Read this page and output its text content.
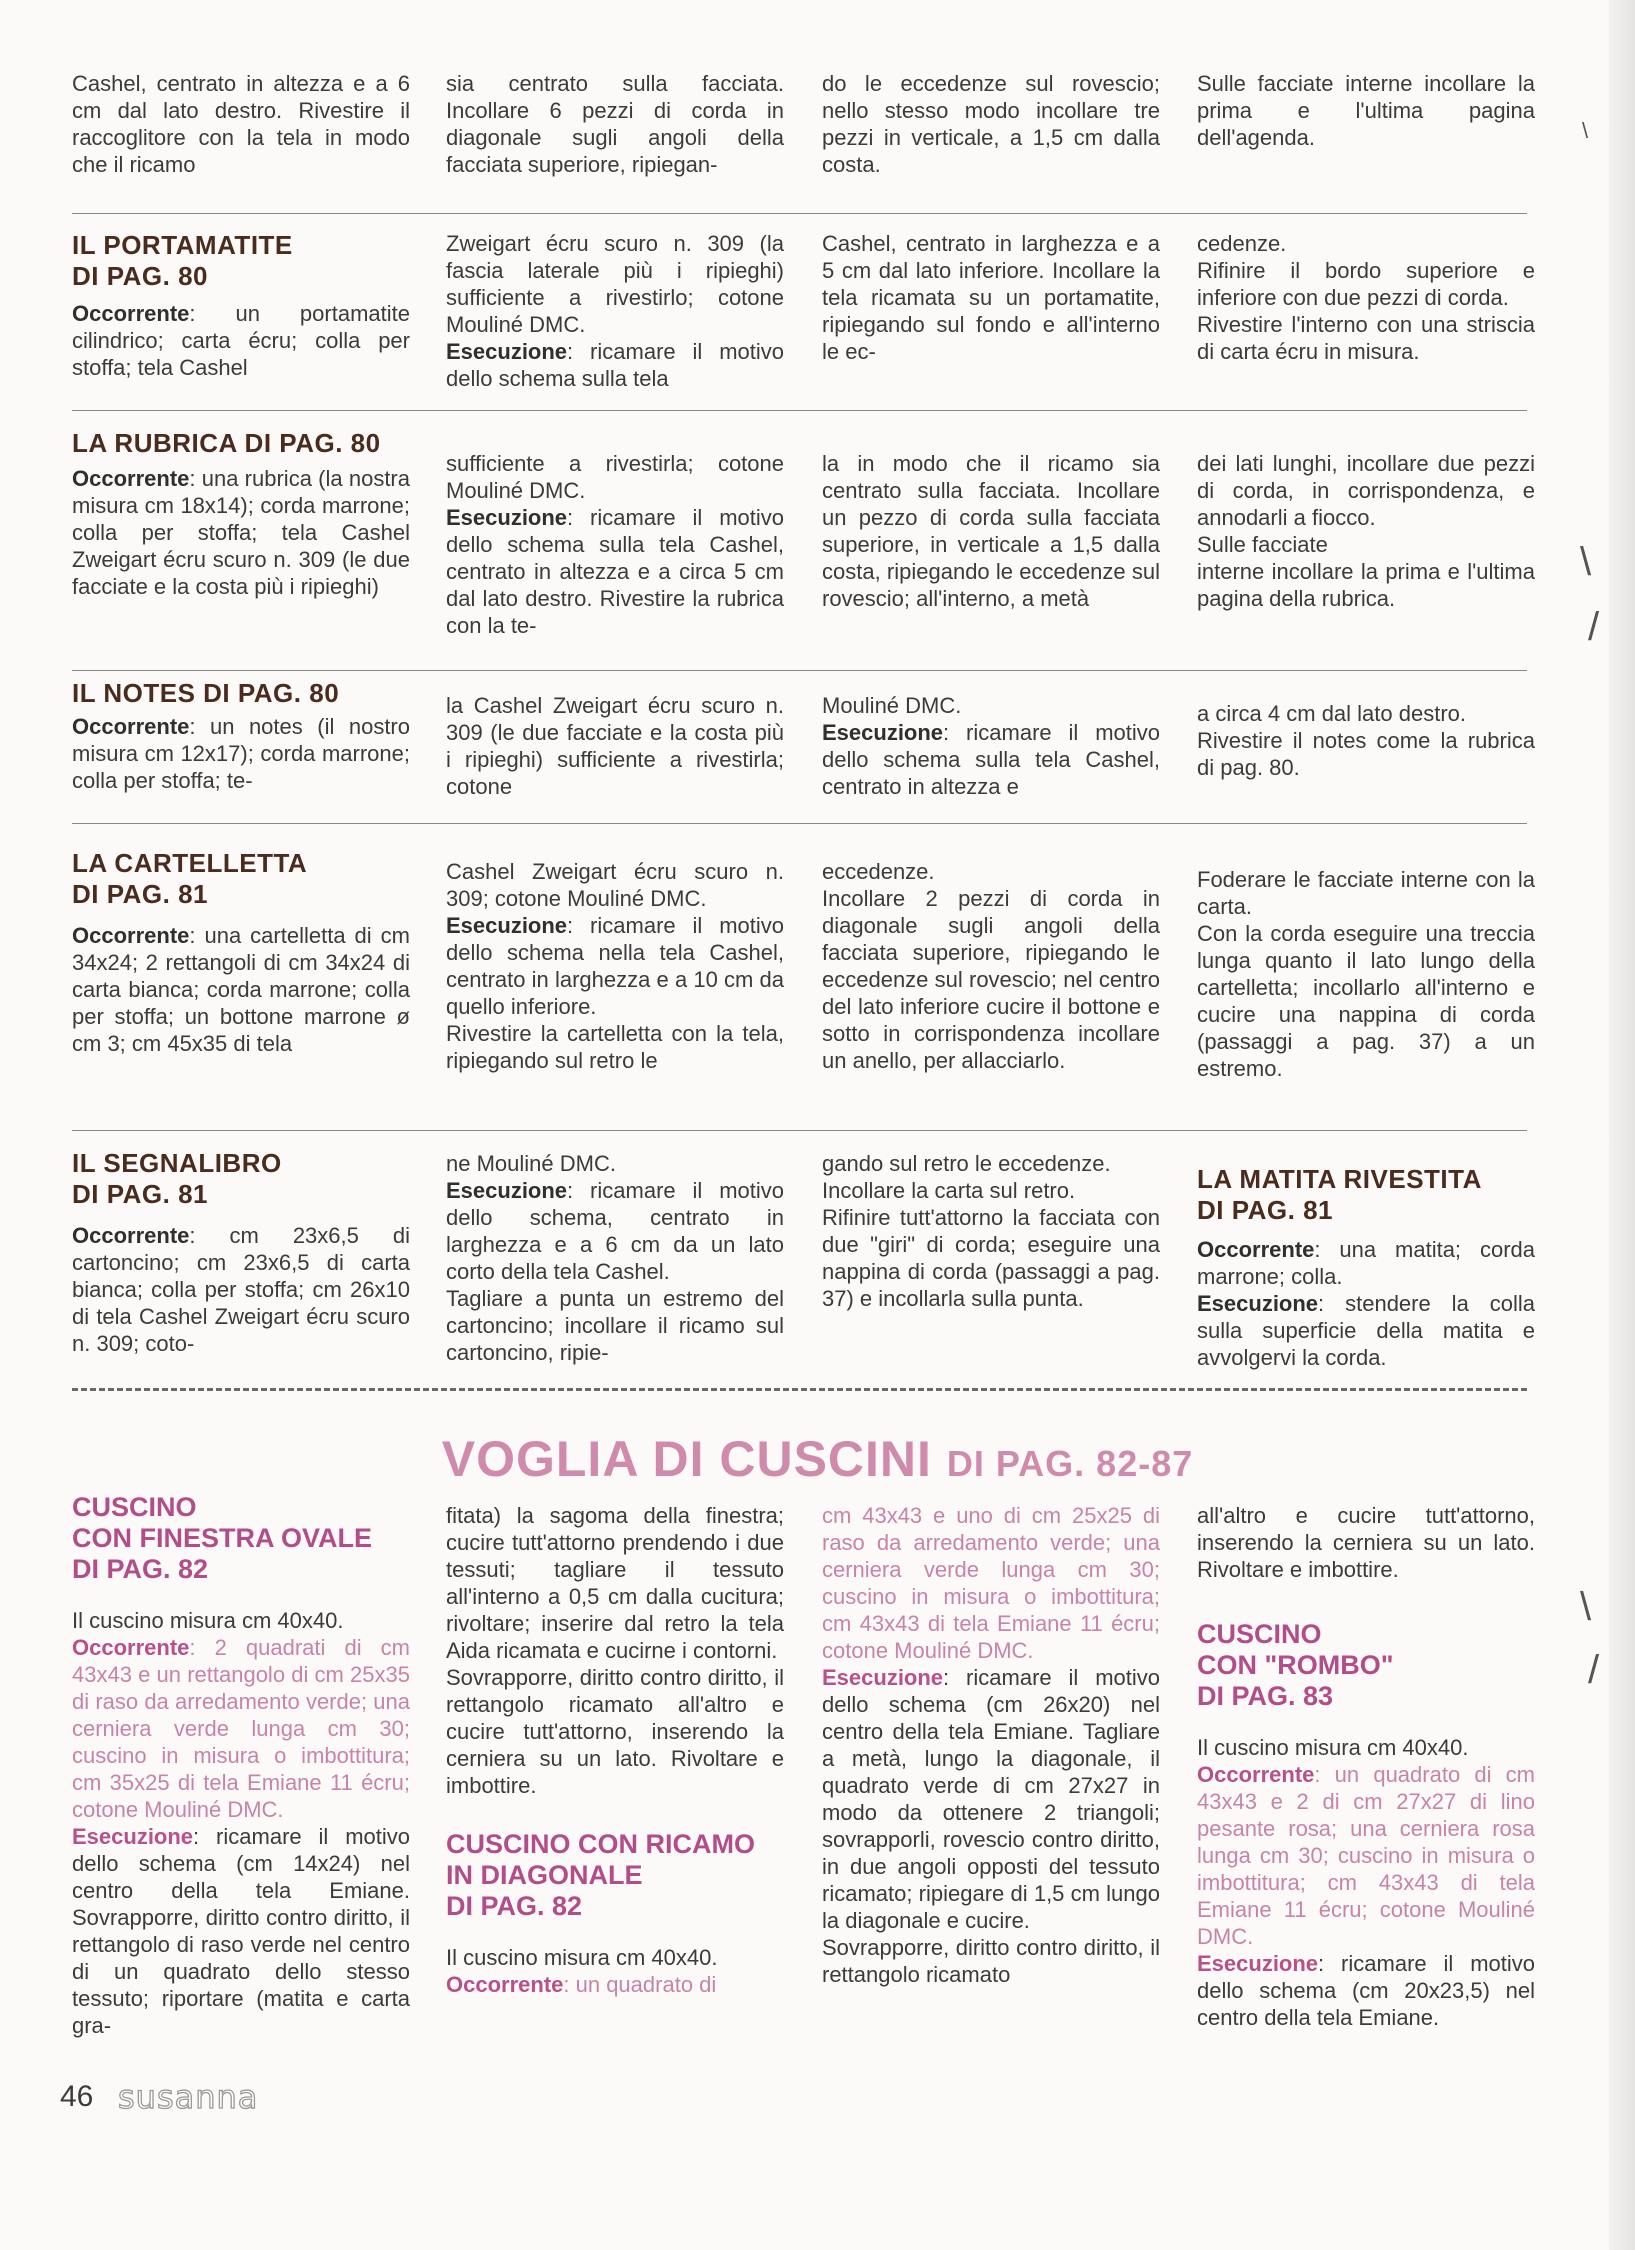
Cashel, centrato in altezza e a 6 cm dal lato destro. Rivestire il raccoglitore con la tela in modo che il ricamo

sia centrato sulla facciata. Incollare 6 pezzi di corda in diagonale sugli angoli della facciata superiore, ripiegan-

do le eccedenze sul rovescio; nello stesso modo incollare tre pezzi in verticale, a 1,5 cm dalla costa.

Sulle facciate interne incollare la prima e l'ultima pagina dell'agenda.

IL PORTAMATITE
DI PAG. 80

Occorrente: un portamatite cilindrico; carta écru; colla per stoffa; tela Cashel

Zweigart écru scuro n. 309 (la fascia laterale più i ripieghi) sufficiente a rivestirlo; cotone Mouliné DMC.

Esecuzione: ricamare il motivo dello schema sulla tela

Cashel, centrato in larghezza e a 5 cm dal lato inferiore. Incollare la tela ricamata su un portamatite, ripiegando sul fondo e all'interno le ec-

cedenze.

Rifinire il bordo superiore e inferiore con due pezzi di corda.

Rivestire l'interno con una striscia di carta écru in misura.

LA RUBRICA DI PAG. 80

Occorrente: una rubrica (la nostra misura cm 18x14); corda marrone; colla per stoffa; tela Cashel Zweigart écru scuro n. 309 (le due facciate e la costa più i ripieghi)

sufficiente a rivestirla; cotone Mouliné DMC.

Esecuzione: ricamare il motivo dello schema sulla tela Cashel, centrato in altezza e a circa 5 cm dal lato destro. Rivestire la rubrica con la te-

la in modo che il ricamo sia centrato sulla facciata. Incollare un pezzo di corda sulla facciata superiore, in verticale a 1,5 dalla costa, ripiegando le eccedenze sul rovescio; all'interno, a metà

dei lati lunghi, incollare due pezzi di corda, in corrispondenza, e annodarli a fiocco.

Sulle facciate

interne incollare la prima e l'ultima pagina della rubrica.

IL NOTES DI PAG. 80

Occorrente: un notes (il nostro misura cm 12x17); corda marrone; colla per stoffa; te-

la Cashel Zweigart écru scuro n. 309 (le due facciate e la costa più i ripieghi) sufficiente a rivestirla; cotone

Mouliné DMC.

Esecuzione: ricamare il motivo dello schema sulla tela Cashel, centrato in altezza e

a circa 4 cm dal lato destro.

Rivestire il notes come la rubrica di pag. 80.

LA CARTELLETTA
DI PAG. 81

Occorrente: una cartelletta di cm 34x24; 2 rettangoli di cm 34x24 di carta bianca; corda marrone; colla per stoffa; un bottone marrone ø cm 3; cm 45x35 di tela

Cashel Zweigart écru scuro n. 309; cotone Mouliné DMC.

Esecuzione: ricamare il motivo dello schema nella tela Cashel, centrato in larghezza e a 10 cm da quello inferiore.

Rivestire la cartelletta con la tela, ripiegando sul retro le

eccedenze.

Incollare 2 pezzi di corda in diagonale sugli angoli della facciata superiore, ripiegando le eccedenze sul rovescio; nel centro del lato inferiore cucire il bottone e sotto in corrispondenza incollare un anello, per allacciarlo.

Foderare le facciate interne con la carta.

Con la corda eseguire una treccia lunga quanto il lato lungo della cartelletta; incollarlo all'interno e cucire una nappina di corda (passaggi a pag. 37) a un estremo.

IL SEGNALIBRO
DI PAG. 81

Occorrente: cm 23x6,5 di cartoncino; cm 23x6,5 di carta bianca; colla per stoffa; cm 26x10 di tela Cashel Zweigart écru scuro n. 309; coto-

ne Mouliné DMC.

Esecuzione: ricamare il motivo dello schema, centrato in larghezza e a 6 cm da un lato corto della tela Cashel.

Tagliare a punta un estremo del cartoncino; incollare il ricamo sul cartoncino, ripie-

gando sul retro le eccedenze.

Incollare la carta sul retro.

Rifinire tutt'attorno la facciata con due "giri" di corda; eseguire una nappina di corda (passaggi a pag. 37) e incollarla sulla punta.

LA MATITA RIVESTITA
DI PAG. 81

Occorrente: una matita; corda marrone; colla.

Esecuzione: stendere la colla sulla superficie della matita e avvolgervi la corda.

VOGLIA DI CUSCINI DI PAG. 82-87
CUSCINO
CON FINESTRA OVALE
DI PAG. 82

Il cuscino misura cm 40x40.

Occorrente: 2 quadrati di cm 43x43 e un rettangolo di cm 25x35 di raso da arredamento verde; una cerniera verde lunga cm 30; cuscino in misura o imbottitura; cm 35x25 di tela Emiane 11 écru; cotone Mouliné DMC.

Esecuzione: ricamare il motivo dello schema (cm 14x24) nel centro della tela Emiane. Sovrapporre, diritto contro diritto, il rettangolo di raso verde nel centro di un quadrato dello stesso tessuto; riportare (matita e carta gra-

fitata) la sagoma della finestra; cucire tutt'attorno prendendo i due tessuti; tagliare il tessuto all'interno a 0,5 cm dalla cucitura; rivoltare; inserire dal retro la tela Aida ricamata e cucirne i contorni.

Sovrapporre, diritto contro diritto, il rettangolo ricamato all'altro e cucire tutt'attorno, inserendo la cerniera su un lato. Rivoltare e imbottire.

CUSCINO CON RICAMO
IN DIAGONALE
DI PAG. 82

Il cuscino misura cm 40x40.

Occorrente: un quadrato di

cm 43x43 e uno di cm 25x25 di raso da arredamento verde; una cerniera verde lunga cm 30; cuscino in misura o imbottitura; cm 43x43 di tela Emiane 11 écru; cotone Mouliné DMC.

Esecuzione: ricamare il motivo dello schema (cm 26x20) nel centro della tela Emiane. Tagliare a metà, lungo la diagonale, il quadrato verde di cm 27x27 in modo da ottenere 2 triangoli; sovrapporli, rovescio contro diritto, in due angoli opposti del tessuto ricamato; ripiegare di 1,5 cm lungo la diagonale e cucire.

Sovrapporre, diritto contro diritto, il rettangolo ricamato

all'altro e cucire tutt'attorno, inserendo la cerniera su un lato. Rivoltare e imbottire.

CUSCINO
CON "ROMBO"
DI PAG. 83

Il cuscino misura cm 40x40.

Occorrente: un quadrato di cm 43x43 e 2 di cm 27x27 di lino pesante rosa; una cerniera rosa lunga cm 30; cuscino in misura o imbottitura; cm 43x43 di tela Emiane 11 écru; cotone Mouliné DMC.

Esecuzione: ricamare il motivo dello schema (cm 20x23,5) nel centro della tela Emiane.

46 susanna
\
\
/
\
/
